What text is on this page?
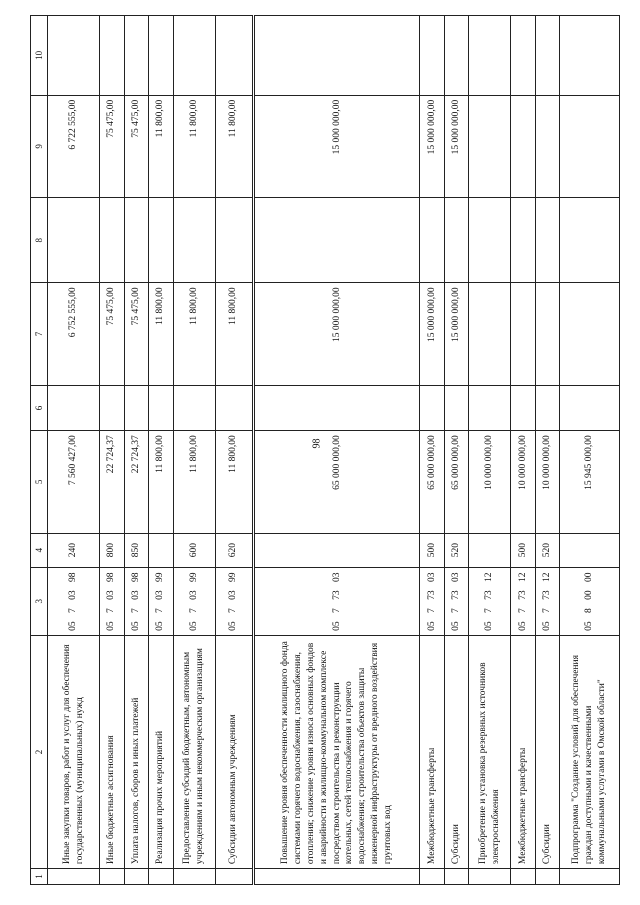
98
1	2	3	4	5	6	7	8	9	10
	Иные закупки товаров, работ и услуг для обеспечения государственных (муниципальных) нужд	05 7 03 98	240	7 560 427,00		6 752 555,00		6 722 555,00	
	Иные бюджетные ассигнования	05 7 03 98	800	22 724,37		75 475,00		75 475,00	
	Уплата налогов, сборов и иных платежей	05 7 03 98	850	22 724,37		75 475,00		75 475,00	
	Реализация прочих мероприятий	05 7 03 99		11 800,00		11 800,00		11 800,00	
	Предоставление субсидий бюджетным, автономным учреждениям и иным некоммерческим организациям	05 7 03 99	600	11 800,00		11 800,00		11 800,00	
	Субсидии автономным учреждениям	05 7 03 99	620	11 800,00		11 800,00		11 800,00	
	Повышение уровня обеспеченности жилищного фонда системами горячего водоснабжения, газоснабжения, отопления; снижение уровня износа основных фондов и аварийности в жилищно-коммунальном комплексе посредством строительства и реконструкции котельных, сетей теплоснабжения и горячего водоснабжения; строительства объектов защиты инженерной инфраструктуры от вредного воздействия грунтовых вод	05 7 73 03		65 000 000,00		15 000 000,00		15 000 000,00	
	Межбюджетные трансферты	05 7 73 03	500	65 000 000,00		15 000 000,00		15 000 000,00	
	Субсидии	05 7 73 03	520	65 000 000,00		15 000 000,00		15 000 000,00	
	Приобретение и установка резервных источников электроснабжения	05 7 73 12		10 000 000,00					
	Межбюджетные трансферты	05 7 73 12	500	10 000 000,00					
	Субсидии	05 7 73 12	520	10 000 000,00					
	Подпрограмма "Создание условий для обеспечения граждан доступными и качественными коммунальными услугами в Омской области"	05 8 00 00		15 945 000,00					
